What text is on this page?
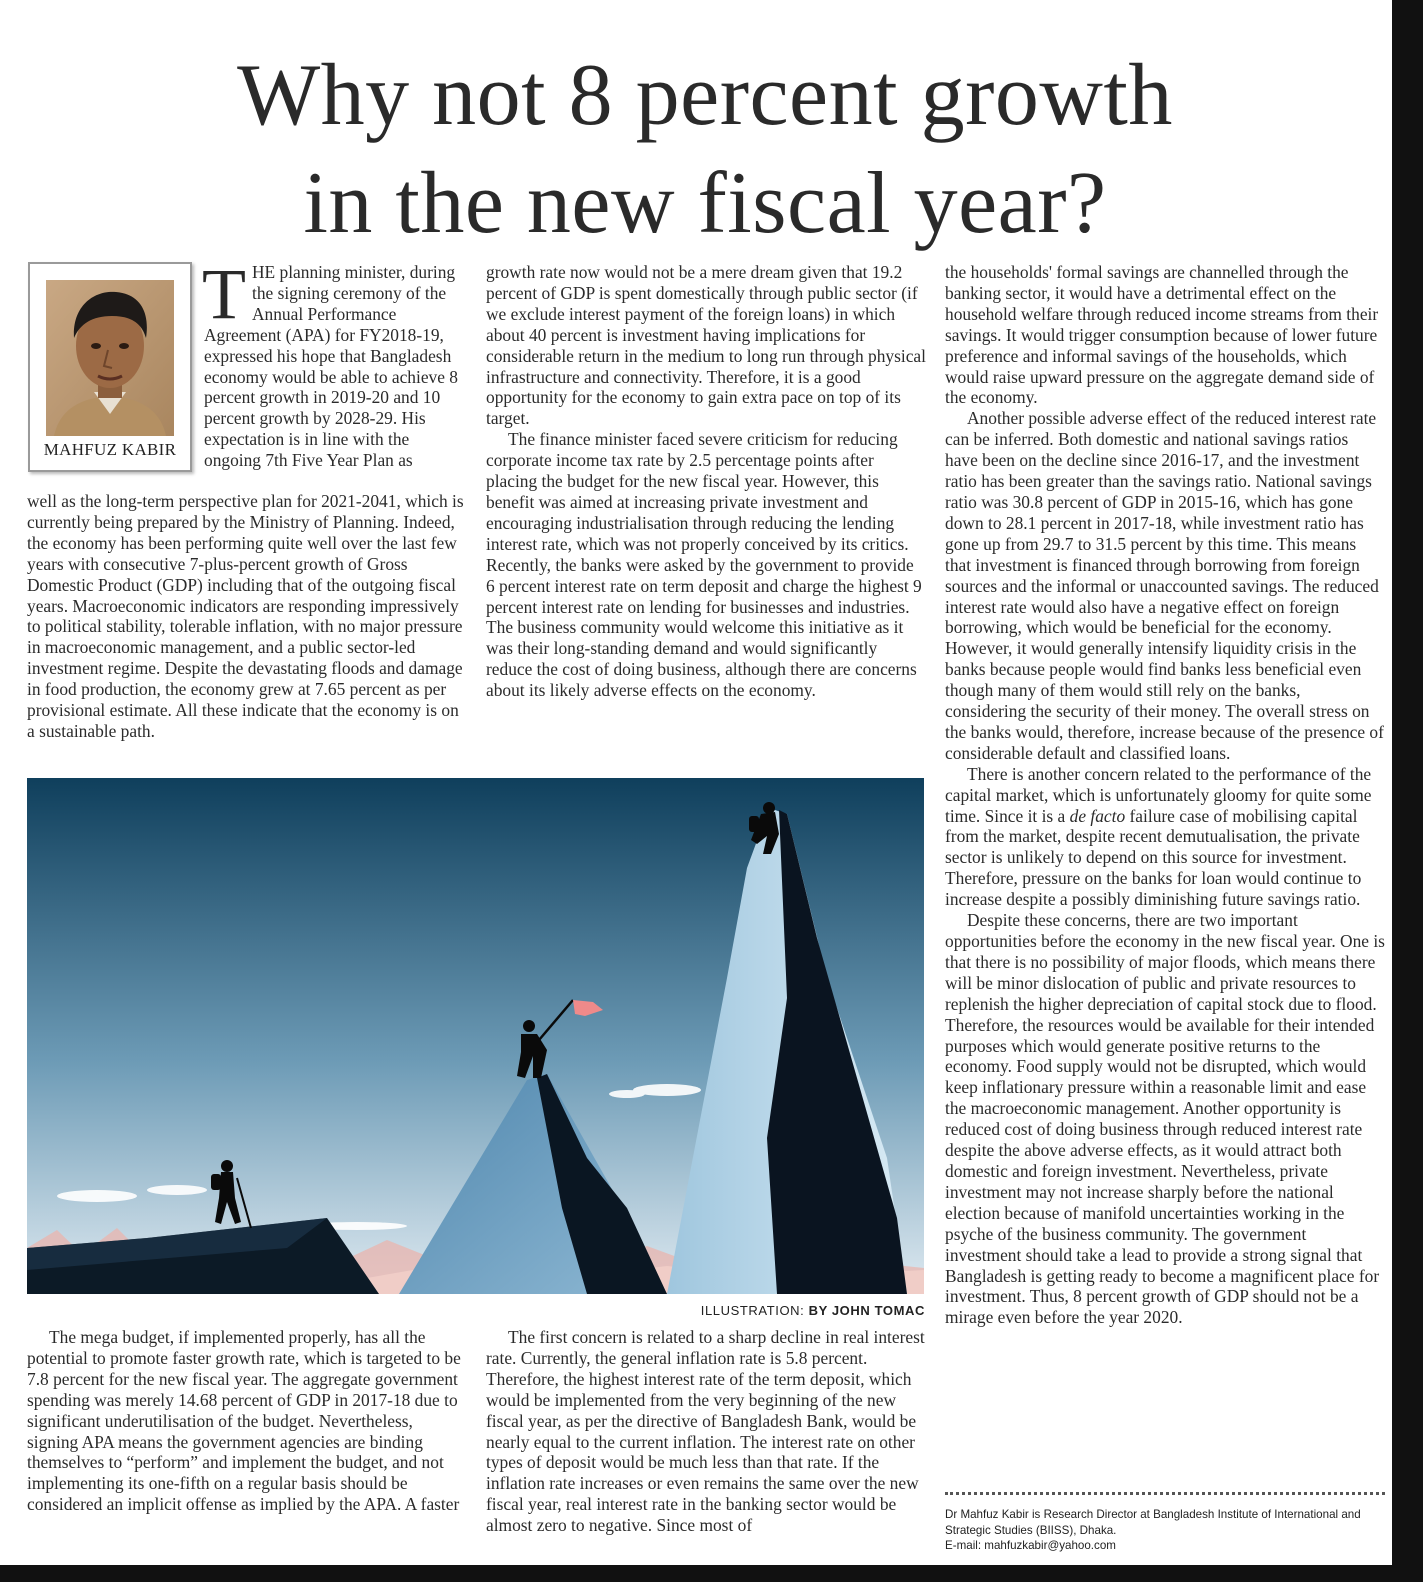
Why not 8 percent growth
in the new fiscal year?
MAHFUZ KABIR

THE planning minister, during the signing ceremony of the Annual Performance Agreement (APA) for FY2018-19, expressed his hope that Bangladesh economy would be able to achieve 8 percent growth in 2019-20 and 10 percent growth by 2028-29. His expectation is in line with the ongoing 7th Five Year Plan as

well as the long-term perspective plan for 2021-2041, which is currently being prepared by the Ministry of Planning. Indeed, the economy has been performing quite well over the last few years with consecutive 7-plus-percent growth of Gross Domestic Product (GDP) including that of the outgoing fiscal years. Macroeconomic indicators are responding impressively to political stability, tolerable inflation, with no major pressure in macroeconomic management, and a public sector-led investment regime. Despite the devastating floods and damage in food production, the economy grew at 7.65 percent as per provisional estimate. All these indicate that the economy is on a sustainable path.

growth rate now would not be a mere dream given that 19.2 percent of GDP is spent domestically through public sector (if we exclude interest payment of the foreign loans) in which about 40 percent is investment having implications for considerable return in the medium to long run through physical infrastructure and connectivity. Therefore, it is a good opportunity for the economy to gain extra pace on top of its target.

The finance minister faced severe criticism for reducing corporate income tax rate by 2.5 percentage points after placing the budget for the new fiscal year. However, this benefit was aimed at increasing private investment and encouraging industrialisation through reducing the lending interest rate, which was not properly conceived by its critics. Recently, the banks were asked by the government to provide 6 percent interest rate on term deposit and charge the highest 9 percent interest rate on lending for businesses and industries. The business community would welcome this initiative as it was their long-standing demand and would significantly reduce the cost of doing business, although there are concerns about its likely adverse effects on the economy.

the households' formal savings are channelled through the banking sector, it would have a detrimental effect on the household welfare through reduced income streams from their savings. It would trigger consumption because of lower future preference and informal savings of the households, which would raise upward pressure on the aggregate demand side of the economy.

Another possible adverse effect of the reduced interest rate can be inferred. Both domestic and national savings ratios have been on the decline since 2016-17, and the investment ratio has been greater than the savings ratio. National savings ratio was 30.8 percent of GDP in 2015-16, which has gone down to 28.1 percent in 2017-18, while investment ratio has gone up from 29.7 to 31.5 percent by this time. This means that investment is financed through borrowing from foreign sources and the informal or unaccounted savings. The reduced interest rate would also have a negative effect on foreign borrowing, which would be beneficial for the economy. However, it would generally intensify liquidity crisis in the banks because people would find banks less beneficial even though many of them would still rely on the banks, considering the security of their money. The overall stress on the banks would, therefore, increase because of the presence of considerable default and classified loans.

There is another concern related to the performance of the capital market, which is unfortunately gloomy for quite some time. Since it is a de facto failure case of mobilising capital from the market, despite recent demutualisation, the private sector is unlikely to depend on this source for investment. Therefore, pressure on the banks for loan would continue to increase despite a possibly diminishing future savings ratio.

Despite these concerns, there are two important opportunities before the economy in the new fiscal year. One is that there is no possibility of major floods, which means there will be minor dislocation of public and private resources to replenish the higher depreciation of capital stock due to flood. Therefore, the resources would be available for their intended purposes which would generate positive returns to the economy. Food supply would not be disrupted, which would keep inflationary pressure within a reasonable limit and ease the macroeconomic management. Another opportunity is reduced cost of doing business through reduced interest rate despite the above adverse effects, as it would attract both domestic and foreign investment. Nevertheless, private investment may not increase sharply before the national election because of manifold uncertainties working in the psyche of the business community. The government investment should take a lead to provide a strong signal that Bangladesh is getting ready to become a magnificent place for investment. Thus, 8 percent growth of GDP should not be a mirage even before the year 2020.

ILLUSTRATION: BY JOHN TOMAC

The mega budget, if implemented properly, has all the potential to promote faster growth rate, which is targeted to be 7.8 percent for the new fiscal year. The aggregate government spending was merely 14.68 percent of GDP in 2017-18 due to significant underutilisation of the budget. Nevertheless, signing APA means the government agencies are binding themselves to “perform” and implement the budget, and not implementing its one-fifth on a regular basis should be considered an implicit offense as implied by the APA. A faster

The first concern is related to a sharp decline in real interest rate. Currently, the general inflation rate is 5.8 percent. Therefore, the highest interest rate of the term deposit, which would be implemented from the very beginning of the new fiscal year, as per the directive of Bangladesh Bank, would be nearly equal to the current inflation. The interest rate on other types of deposit would be much less than that rate. If the inflation rate increases or even remains the same over the new fiscal year, real interest rate in the banking sector would be almost zero to negative. Since most of

Dr Mahfuz Kabir is Research Director at Bangladesh Institute of International and Strategic Studies (BIISS), Dhaka.
E-mail: mahfuzkabir@yahoo.com
